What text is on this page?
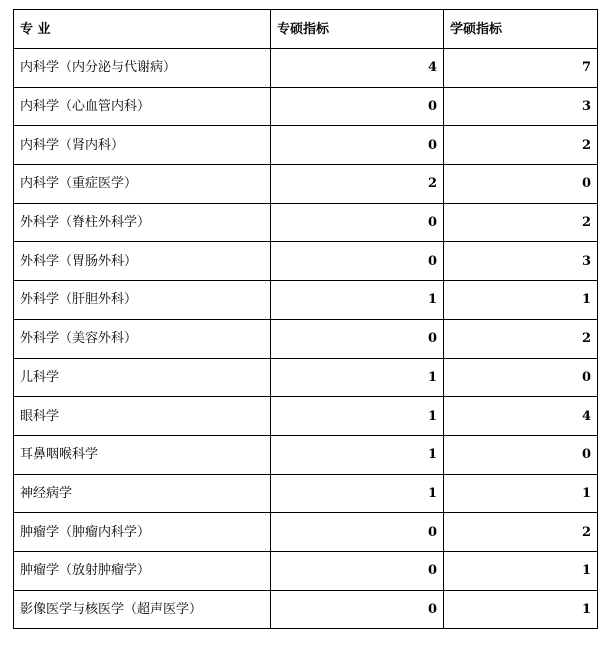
专 业	专硕指标	学硕指标
内科学（内分泌与代谢病）	4	7
内科学（心血管内科）	0	3
内科学（肾内科）	0	2
内科学（重症医学）	2	0
外科学（脊柱外科学）	0	2
外科学（胃肠外科）	0	3
外科学（肝胆外科）	1	1
外科学（美容外科）	0	2
儿科学	1	0
眼科学	1	4
耳鼻咽喉科学	1	0
神经病学	1	1
肿瘤学（肿瘤内科学）	0	2
肿瘤学（放射肿瘤学）	0	1
影像医学与核医学（超声医学）	0	1
